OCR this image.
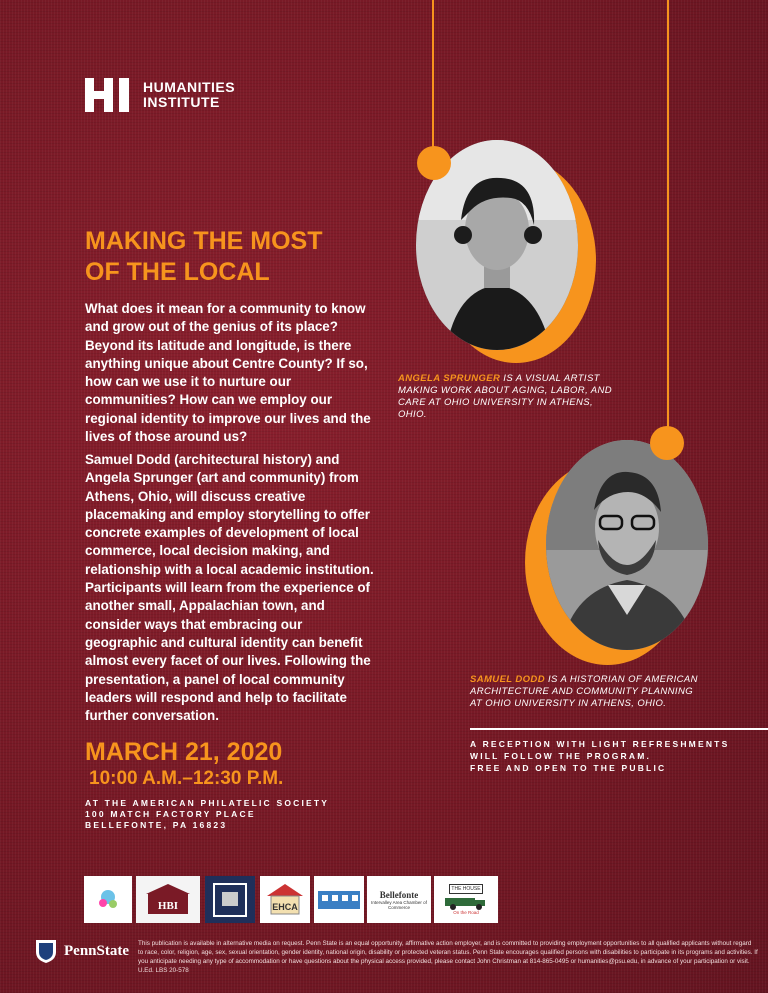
HUMANITIES
INSTITUTE
MAKING THE MOST
OF THE LOCAL
What does it mean for a community to know and grow out of the genius of its place? Beyond its latitude and longitude, is there anything unique about Centre County? If so, how can we use it to nurture our communities? How can we employ our regional identity to improve our lives and the lives of those around us?
Samuel Dodd (architectural history) and Angela Sprunger (art and community) from Athens, Ohio, will discuss creative placemaking and employ storytelling to offer concrete examples of development of local commerce, local decision making, and relationship with a local academic institution. Participants will learn from the experience of another small, Appalachian town, and consider ways that embracing our geographic and cultural identity can benefit almost every facet of our lives. Following the presentation, a panel of local community leaders will respond and help to facilitate further conversation.
MARCH 21, 2020
10:00 A.M.–12:30 P.M.
AT THE AMERICAN PHILATELIC SOCIETY
100 MATCH FACTORY PLACE
BELLEFONTE, PA 16823
ANGELA SPRUNGER IS A VISUAL ARTIST MAKING WORK ABOUT AGING, LABOR, AND CARE AT OHIO UNIVERSITY IN ATHENS, OHIO.
SAMUEL DODD IS A HISTORIAN OF AMERICAN ARCHITECTURE AND COMMUNITY PLANNING AT OHIO UNIVERSITY IN ATHENS, OHIO.
A RECEPTION WITH LIGHT REFRESHMENTS
WILL FOLLOW THE PROGRAM.
FREE AND OPEN TO THE PUBLIC
HBI	EHCA
Bellefonte
Intervalley Area Chamber of Commerce
THE HOUSE
On the Road
PennState This publication is available in alternative media on request. Penn State is an equal opportunity, affirmative action employer, and is committed to providing employment opportunities to all qualified applicants without regard to race, color, religion, age, sex, sexual orientation, gender identity, national origin, disability or protected veteran status. Penn State encourages qualified persons with disabilities to participate in its programs and activities. If you anticipate needing any type of accommodation or have questions about the physical access provided, please contact John Christman at 814-865-0495 or humanities@psu.edu, in advance of your participation or visit. U.Ed. LBS 20-578
